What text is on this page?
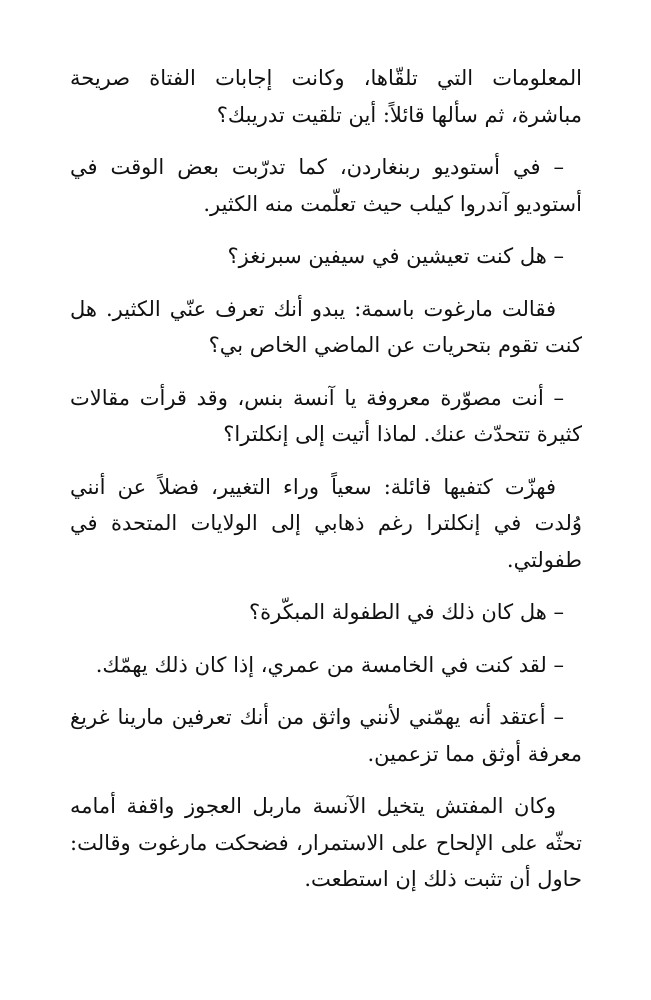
المعلومات التي تلقّاها، وكانت إجابات الفتاة صريحة مباشرة، ثم سألها قائلاً: أين تلقيت تدريبك؟

– في أستوديو ربنغاردن، كما تدرّبت بعض الوقت في أستوديو آندروا كيلب حيث تعلّمت منه الكثير.

– هل كنت تعيشين في سيفين سبرنغز؟

فقالت مارغوت باسمة: يبدو أنك تعرف عنّي الكثير. هل كنت تقوم بتحريات عن الماضي الخاص بي؟

– أنت مصوّرة معروفة يا آنسة بنس، وقد قرأت مقالات كثيرة تتحدّث عنك. لماذا أتيت إلى إنكلترا؟

فهزّت كتفيها قائلة: سعياً وراء التغيير، فضلاً عن أنني وُلدت في إنكلترا رغم ذهابي إلى الولايات المتحدة في طفولتي.

– هل كان ذلك في الطفولة المبكّرة؟

– لقد كنت في الخامسة من عمري، إذا كان ذلك يهمّك.

– أعتقد أنه يهمّني لأنني واثق من أنك تعرفين مارينا غريغ معرفة أوثق مما تزعمين.

وكان المفتش يتخيل الآنسة ماربل العجوز واقفة أمامه تحثّه على الإلحاح على الاستمرار، فضحكت مارغوت وقالت: حاول أن تثبت ذلك إن استطعت.
